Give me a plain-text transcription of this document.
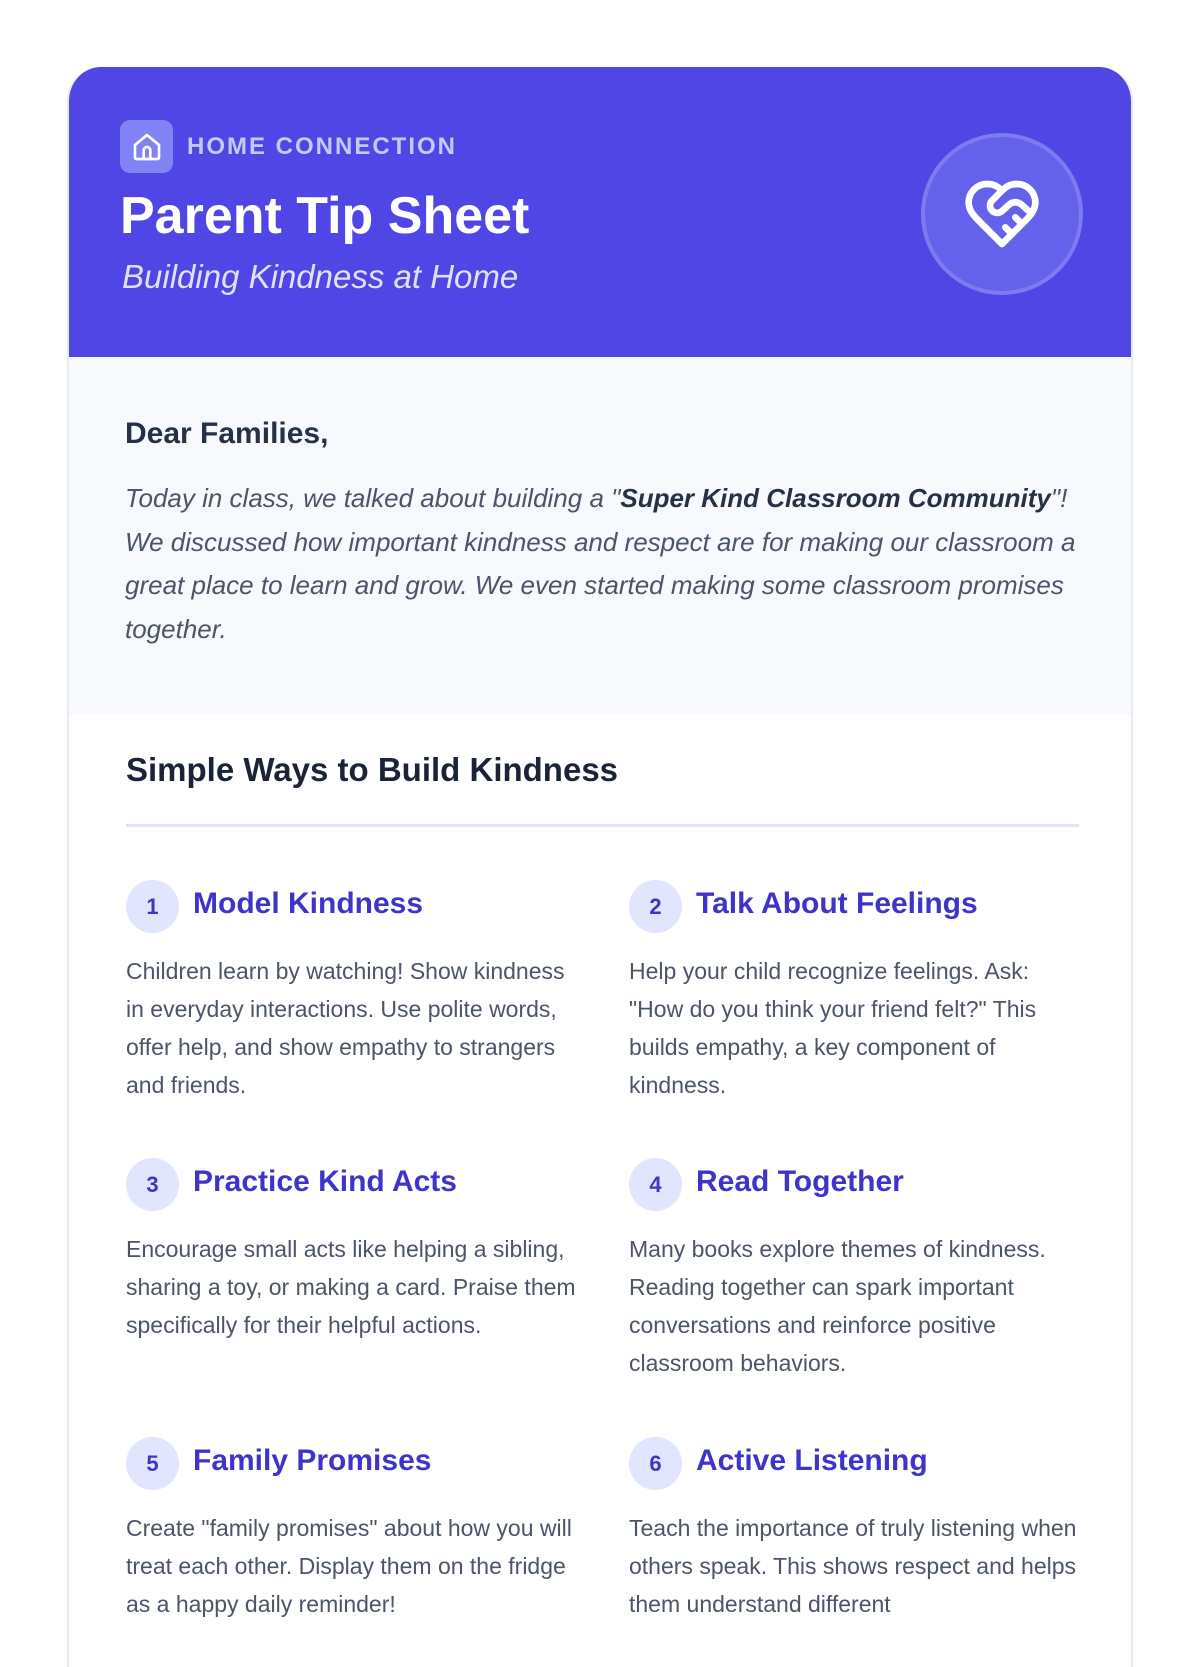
HOME CONNECTION
Parent Tip Sheet
Building Kindness at Home
Dear Families,

Today in class, we talked about building a "Super Kind Classroom Community"! We discussed how important kindness and respect are for making our classroom a great place to learn and grow. We even started making some classroom promises together.

Simple Ways to Build Kindness
1	Model Kindness
Children learn by watching! Show kindness in everyday interactions. Use polite words, offer help, and show empathy to strangers and friends.
2	Talk About Feelings
Help your child recognize feelings. Ask: "How do you think your friend felt?" This builds empathy, a key component of kindness.
3	Practice Kind Acts
Encourage small acts like helping a sibling, sharing a toy, or making a card. Praise them specifically for their helpful actions.
4	Read Together
Many books explore themes of kindness. Reading together can spark important conversations and reinforce positive classroom behaviors.
5	Family Promises
Create "family promises" about how you will treat each other. Display them on the fridge as a happy daily reminder!
6	Active Listening
Teach the importance of truly listening when others speak. This shows respect and helps them understand different
